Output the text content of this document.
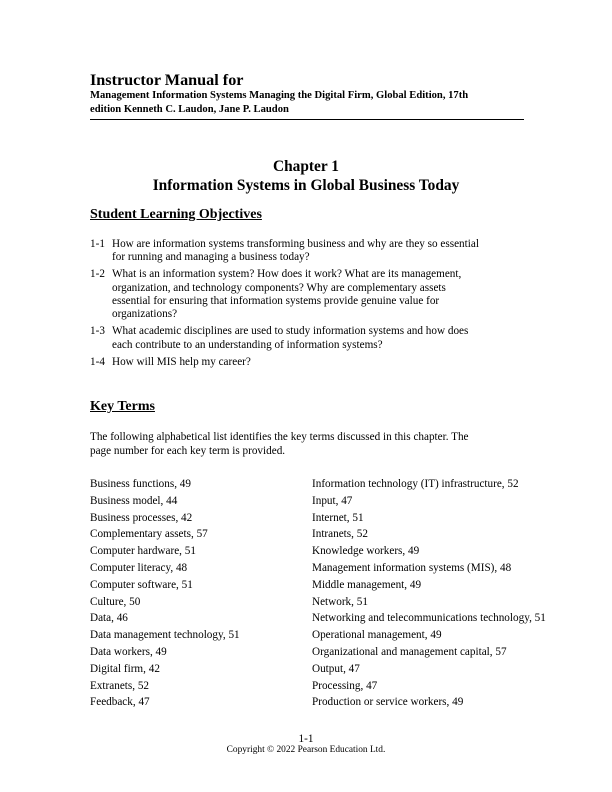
Instructor Manual for
Management Information Systems Managing the Digital Firm, Global Edition, 17th
edition Kenneth C. Laudon, Jane P. Laudon
Chapter 1
Information Systems in Global Business Today
Student Learning Objectives
1-1 How are information systems transforming business and why are they so essential
for running and managing a business today?
1-2 What is an information system? How does it work? What are its management,
organization, and technology components? Why are complementary assets
essential for ensuring that information systems provide genuine value for
organizations?
1-3 What academic disciplines are used to study information systems and how does
each contribute to an understanding of information systems?
1-4 How will MIS help my career?
Key Terms
The following alphabetical list identifies the key terms discussed in this chapter. The
page number for each key term is provided.
Business functions, 49
Business model, 44
Business processes, 42
Complementary assets, 57
Computer hardware, 51
Computer literacy, 48
Computer software, 51
Culture, 50
Data, 46
Data management technology, 51
Data workers, 49
Digital firm, 42
Extranets, 52
Feedback, 47
Information technology (IT) infrastructure, 52
Input, 47
Internet, 51
Intranets, 52
Knowledge workers, 49
Management information systems (MIS), 48
Middle management, 49
Network, 51
Networking and telecommunications technology, 51
Operational management, 49
Organizational and management capital, 57
Output, 47
Processing, 47
Production or service workers, 49
1-1
Copyright © 2022 Pearson Education Ltd.
